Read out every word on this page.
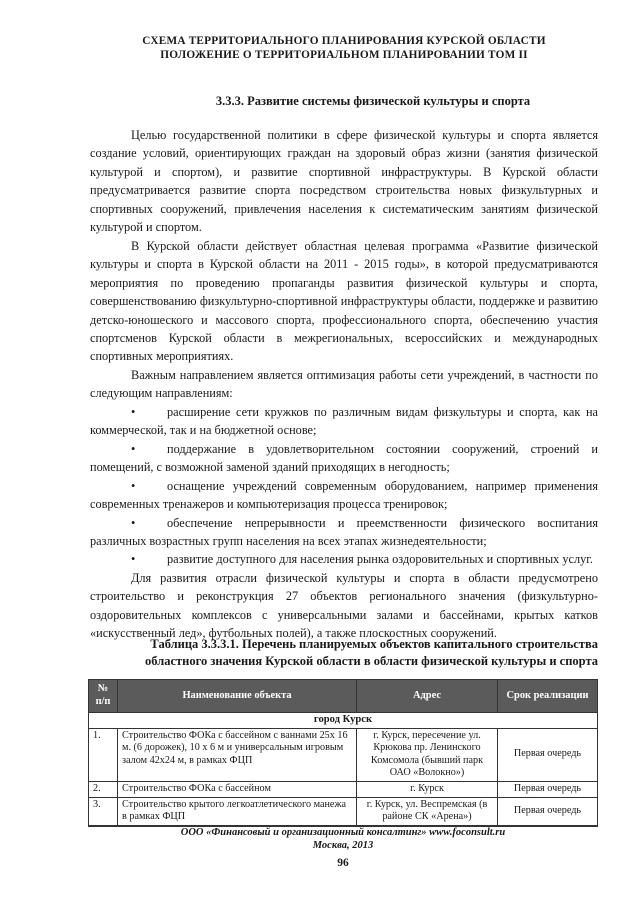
СХЕМА ТЕРРИТОРИАЛЬНОГО ПЛАНИРОВАНИЯ КУРСКОЙ ОБЛАСТИ
ПОЛОЖЕНИЕ О ТЕРРИТОРИАЛЬНОМ ПЛАНИРОВАНИИ ТОМ II
3.3.3. Развитие системы физической культуры и спорта

Целью государственной политики в сфере физической культуры и спорта является создание условий, ориентирующих граждан на здоровый образ жизни (занятия физической культурой и спортом), и развитие спортивной инфраструктуры. В Курской области предусматривается развитие спорта посредством строительства новых физкультурных и спортивных сооружений, привлечения населения к систематическим занятиям физической культурой и спортом.

В Курской области действует областная целевая программа «Развитие физической культуры и спорта в Курской области на 2011 - 2015 годы», в которой предусматриваются мероприятия по проведению пропаганды развития физической культуры и спорта, совершенствованию физкультурно-спортивной инфраструктуры области, поддержке и развитию детско-юношеского и массового спорта, профессионального спорта, обеспечению участия спортсменов Курской области в межрегиональных, всероссийских и международных спортивных мероприятиях.

Важным направлением является оптимизация работы сети учреждений, в частности по следующим направлениям:

•	расширение сети кружков по различным видам физкультуры и спорта, как на коммерческой, так и на бюджетной основе;

•	поддержание в удовлетворительном состоянии сооружений, строений и помещений, с возможной заменой зданий приходящих в негодность;

•	оснащение учреждений современным оборудованием, например применения современных тренажеров и компьютеризация процесса тренировок;

•	обеспечение непрерывности и преемственности физического воспитания различных возрастных групп населения на всех этапах жизнедеятельности;

•	развитие доступного для населения рынка оздоровительных и спортивных услуг.

Для развития отрасли физической культуры и спорта в области предусмотрено строительство и реконструкция 27 объектов регионального значения (физкультурно-оздоровительных комплексов с универсальными залами и бассейнами, крытых катков «искусственный лед», футбольных полей), а также плоскостных сооружений.

Таблица 3.3.3.1. Перечень планируемых объектов капитального строительства
областного значения Курской области в области физической культуры и спорта
№ п/п	Наименование объекта	Адрес	Срок реализации
город Курск			
1.	Строительство ФОКа с бассейном с ваннами 25х 16 м. (6 дорожек), 10 х 6 м и универсальным игровым залом 42х24 м, в рамках ФЦП	г. Курск, пересечение ул. Крюкова пр. Ленинского Комсомола (бывший парк ОАО «Волокно»)	Первая очередь
2.	Строительство ФОКа с бассейном	г. Курск	Первая очередь
3.	Строительство крытого легкоатлетического манежа в рамках ФЦП	г. Курск, ул. Веспремская (в районе СК «Арена»)	Первая очередь
ООО «Финансовый и организационный консалтинг» www.foconsult.ru
Москва, 2013
96
